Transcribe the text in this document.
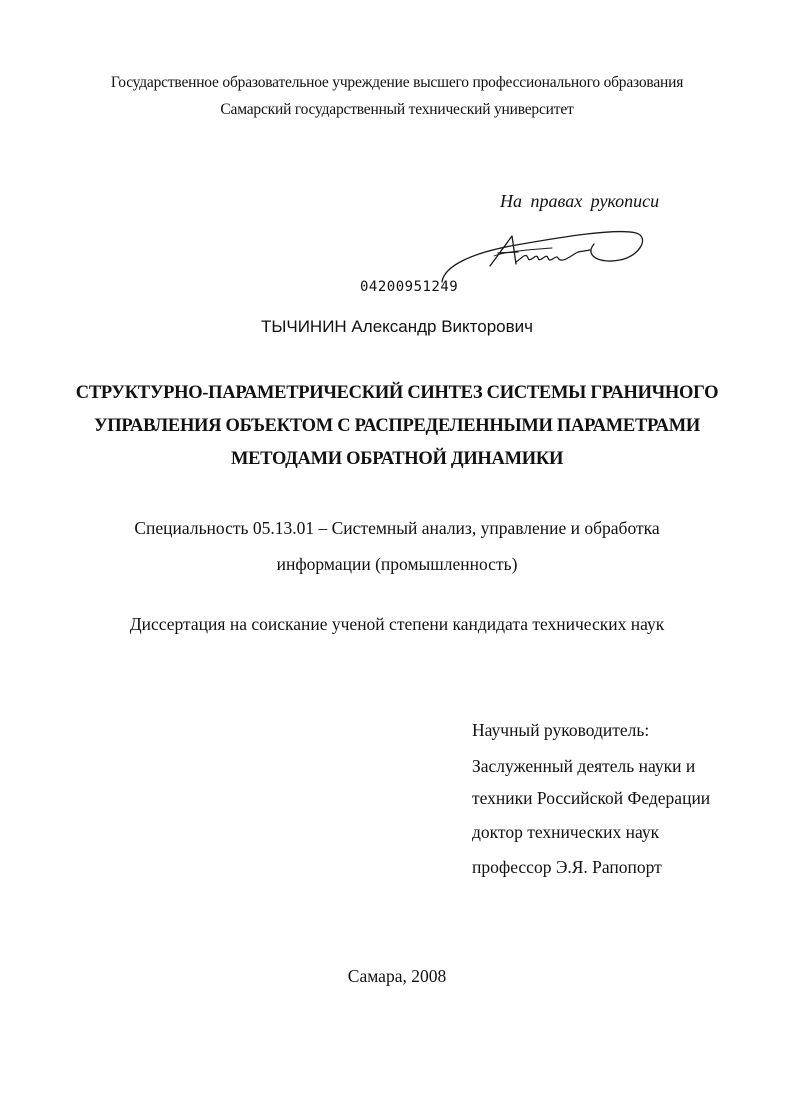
Государственное образовательное учреждение высшего профессионального образования
Самарский государственный технический университет
На правах рукописи
04200951249
ТЫЧИНИН Александр Викторович
СТРУКТУРНО-ПАРАМЕТРИЧЕСКИЙ СИНТЕЗ СИСТЕМЫ ГРАНИЧНОГО
УПРАВЛЕНИЯ ОБЪЕКТОМ С РАСПРЕДЕЛЕННЫМИ ПАРАМЕТРАМИ
МЕТОДАМИ ОБРАТНОЙ ДИНАМИКИ
Специальность 05.13.01 – Системный анализ, управление и обработка
информации (промышленность)
Диссертация на соискание ученой степени кандидата технических наук
Научный руководитель:
Заслуженный деятель науки и
техники Российской Федерации
доктор технических наук
профессор Э.Я. Рапопорт
Самара, 2008
